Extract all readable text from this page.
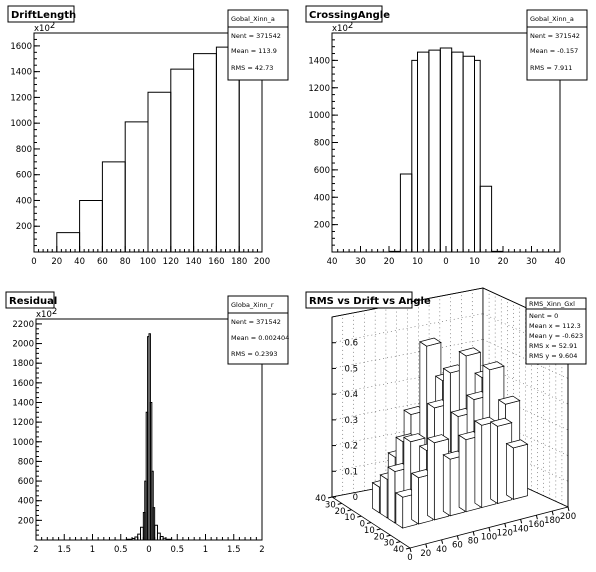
0 20 40 60 80 100 120 140 160 180 200
200
400
600
800
1000
1200
1400
1600
DriftLength
x102
Gobal_Xinn_a
Nent = 371542
Mean = 113.9
RMS = 42.73
40 30 20 10 0 10 20 30 40
200
400
600
800
1000
1200
1400
CrossingAngle
x102
Gobal_Xinn_a
Nent = 371542
Mean = -0.157
RMS = 7.911
2 1.5 1 0.5 0 0.5 1 1.5 2
200
400
600
800
1000
1200
1400
1600
1800
2000
2200
Residual
x102
Globa_Xinn_r
Nent = 371542
Mean = 0.002404
RMS = 0.2393
0
0.1
0.2
0.3
0.4
0.5
0.6
0 20 40 60 80 100 120 140 160 180 200
40
30
20
10
0
10
20
30
40
RMS vs Drift vs Angle	RMS_Xinn_Gxl
Nent = 0
Mean x = 112.3
Mean y = -0.623
RMS x = 52.91
RMS y = 9.604
